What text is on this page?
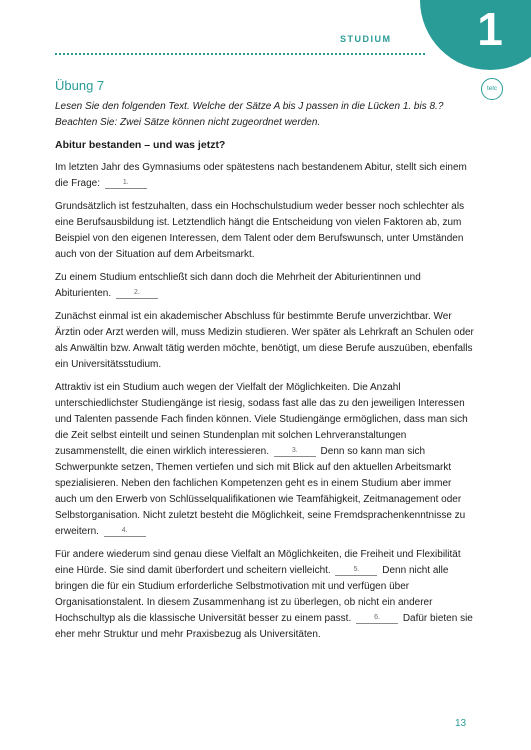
1
STUDIUM
telc
Übung 7
Lesen Sie den folgenden Text. Welche der Sätze A bis J passen in die Lücken 1. bis 8.? Beachten Sie: Zwei Sätze können nicht zugeordnet werden.
Abitur bestanden – und was jetzt?

Im letzten Jahr des Gymnasiums oder spätestens nach bestandenem Abitur, stellt sich einem die Frage:	1.

Grundsätzlich ist festzuhalten, dass ein Hochschulstudium weder besser noch schlechter als eine Berufsausbildung ist. Letztendlich hängt die Entscheidung von vielen Faktoren ab, zum Beispiel von den eigenen Interessen, dem Talent oder dem Berufswunsch, unter Umständen auch von der Situation auf dem Arbeitsmarkt.

Zu einem Studium entschließt sich dann doch die Mehrheit der Abiturientinnen und Abiturienten.	2.

Zunächst einmal ist ein akademischer Abschluss für bestimmte Berufe unverzichtbar. Wer Ärztin oder Arzt werden will, muss Medizin studieren. Wer später als Lehrkraft an Schulen oder als Anwältin bzw. Anwalt tätig werden möchte, benötigt, um diese Berufe auszuüben, ebenfalls ein Universitätsstudium.

Attraktiv ist ein Studium auch wegen der Vielfalt der Möglichkeiten. Die Anzahl unterschiedlichster Studiengänge ist riesig, sodass fast alle das zu den jeweiligen Interessen und Talenten passende Fach finden können. Viele Studiengänge ermöglichen, dass man sich die Zeit selbst einteilt und seinen Stundenplan mit solchen Lehrveranstaltungen zusammenstellt, die einen wirklich interessieren.	3.	Denn so kann man sich Schwerpunkte setzen, Themen vertiefen und sich mit Blick auf den aktuellen Arbeitsmarkt spezialisieren. Neben den fachlichen Kompetenzen geht es in einem Studium aber immer auch um den Erwerb von Schlüsselqualifikationen wie Teamfähigkeit, Zeitmanagement oder Selbstorganisation. Nicht zuletzt besteht die Möglichkeit, seine Fremdsprachenkenntnisse zu erweitern.	4.

Für andere wiederum sind genau diese Vielfalt an Möglichkeiten, die Freiheit und Flexibilität eine Hürde. Sie sind damit überfordert und scheitern vielleicht.	5.	Denn nicht alle bringen die für ein Studium erforderliche Selbstmotivation mit und verfügen über Organisationstalent. In diesem Zusammenhang ist zu überlegen, ob nicht ein anderer Hochschultyp als die klassische Universität besser zu einem passt.	6.	Dafür bieten sie eher mehr Struktur und mehr Praxisbezug als Universitäten.

13
